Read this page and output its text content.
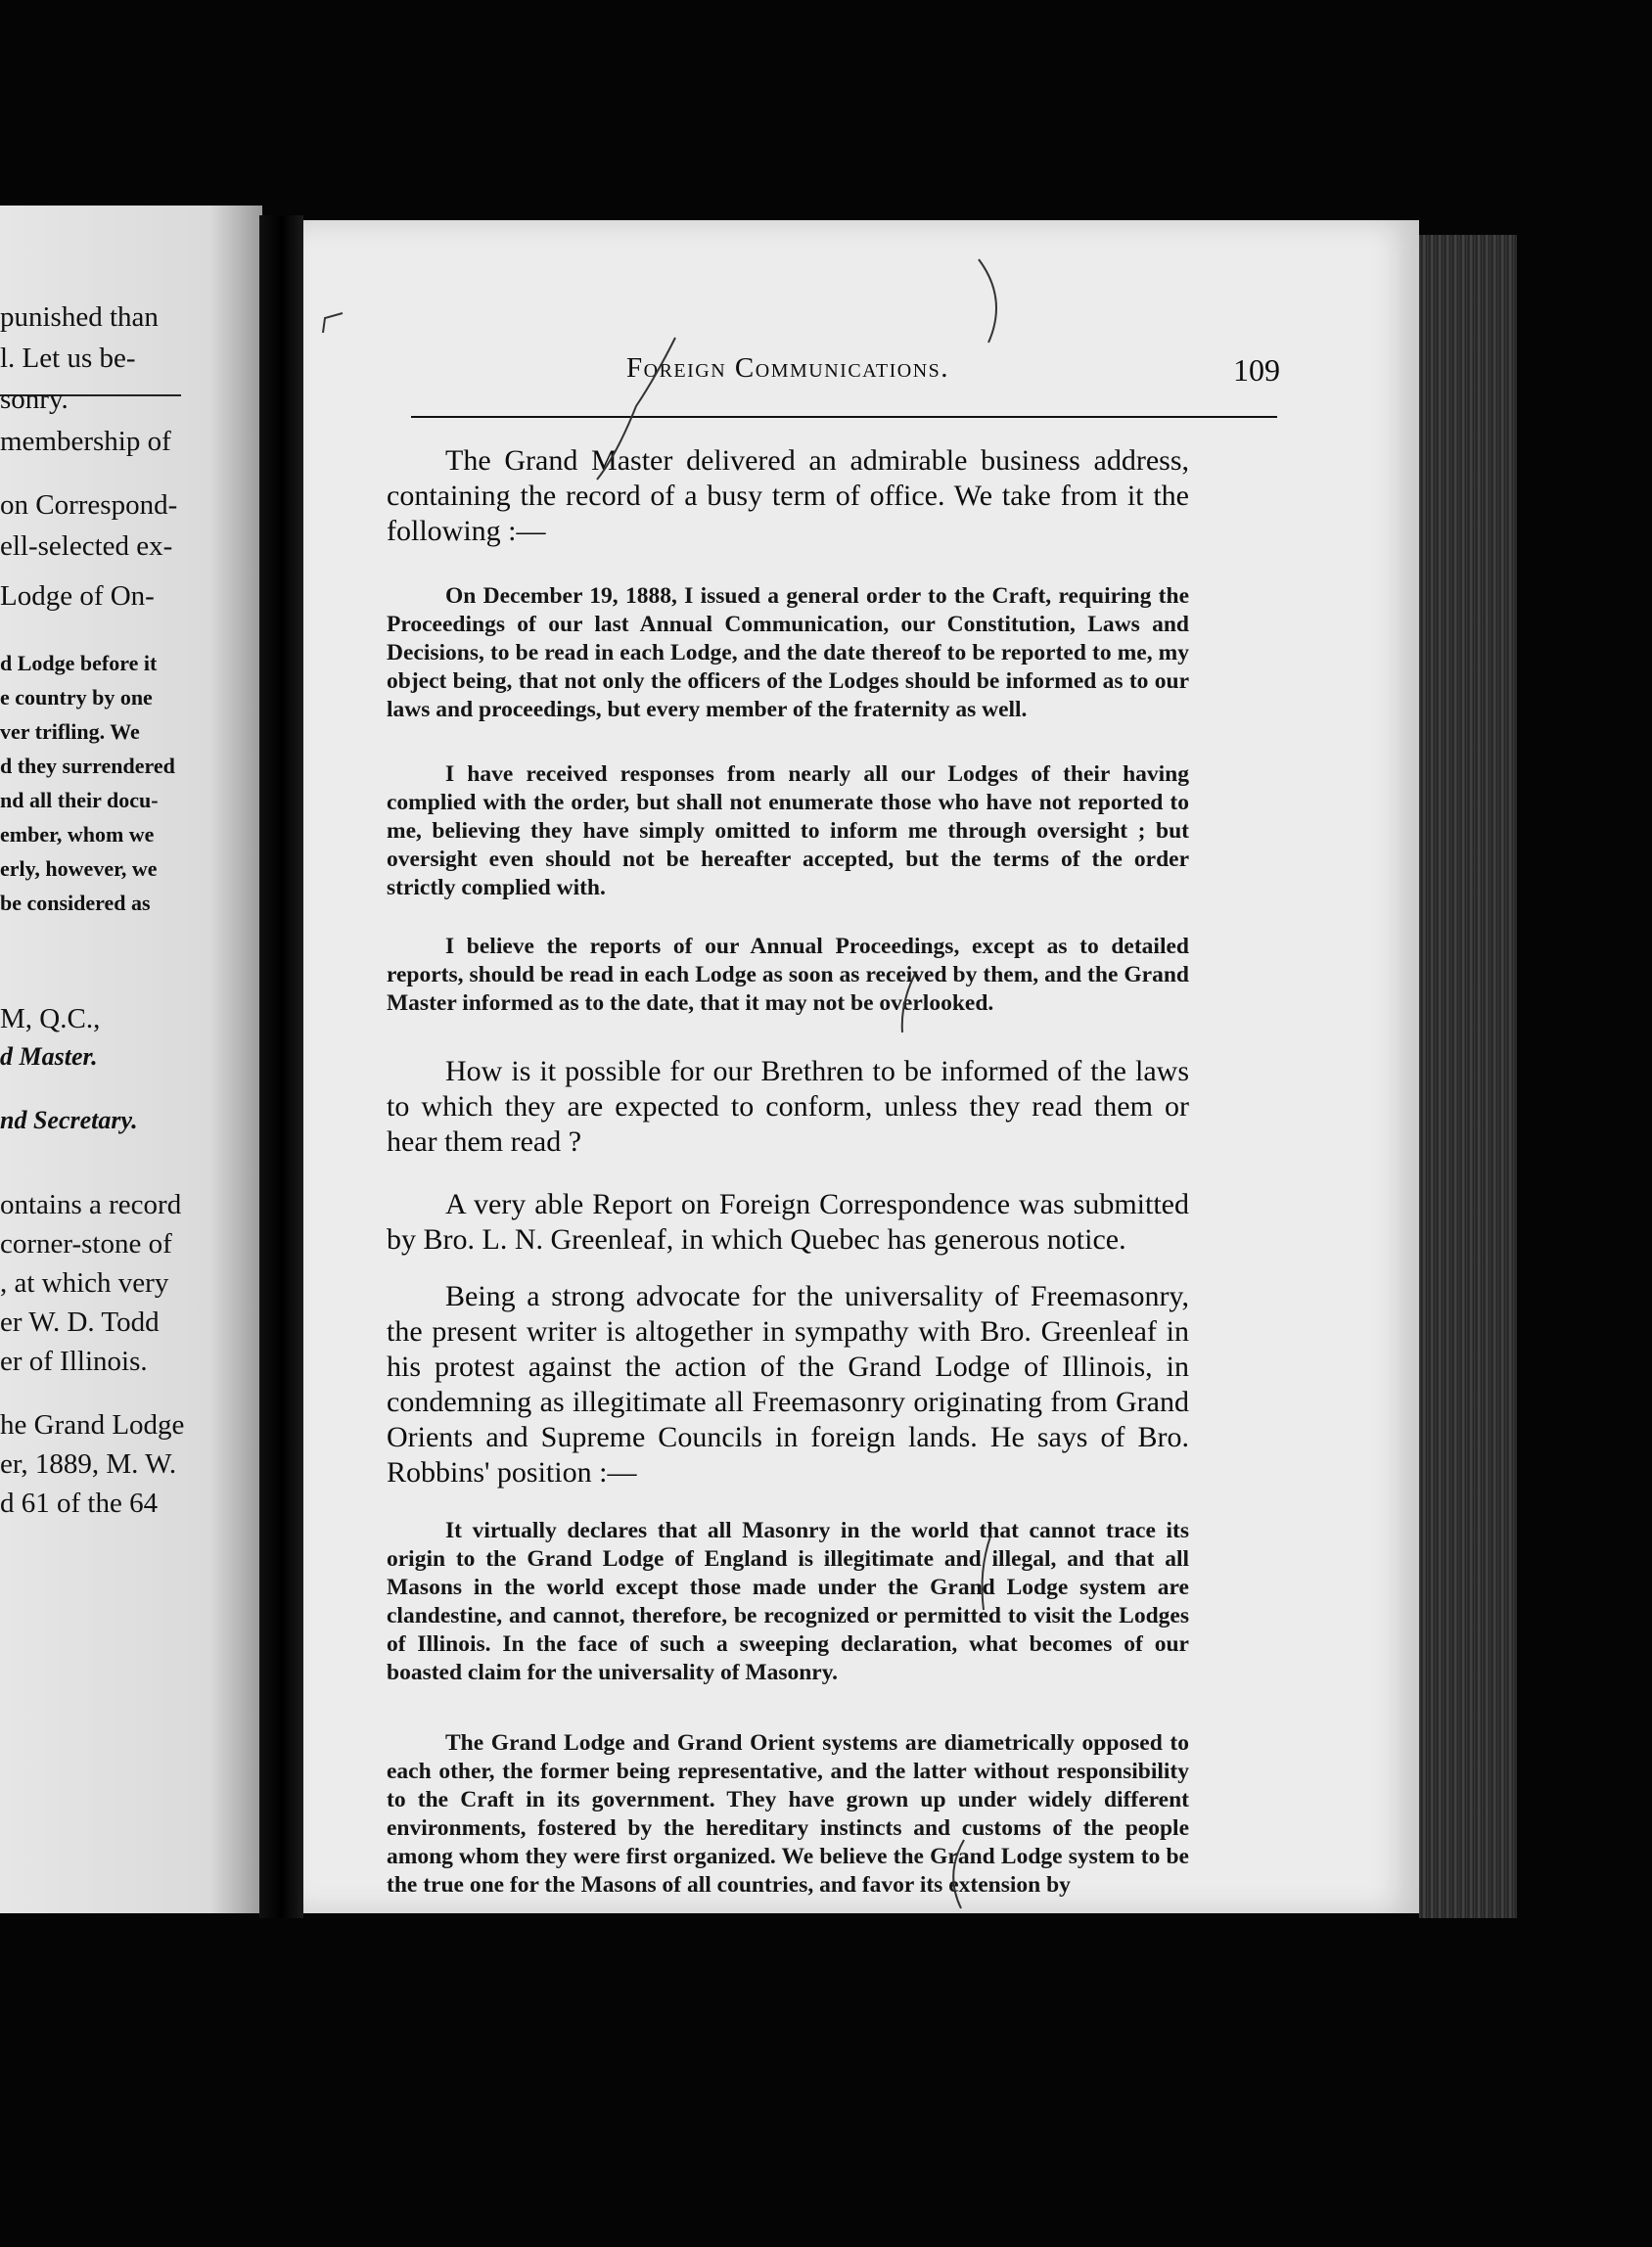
punished than
l. Let us be-
sonry.
membership of
on Correspond-
ell-selected ex-
Lodge of On-
d Lodge before it
e country by one
ver trifling. We
d they surrendered
nd all their docu-
ember, whom we
erly, however, we
be considered as
M, Q.C.,
d Master.
nd Secretary.
ontains a record
corner-stone of
, at which very
er W. D. Todd
er of Illinois.
he Grand Lodge
er, 1889, M. W.
d 61 of the 64
Foreign Communications.	109

The Grand Master delivered an admirable business address, containing the record of a busy term of office. We take from it the following :—

On December 19, 1888, I issued a general order to the Craft, requiring the Proceedings of our last Annual Communication, our Constitution, Laws and Decisions, to be read in each Lodge, and the date thereof to be reported to me, my object being, that not only the officers of the Lodges should be informed as to our laws and proceedings, but every member of the fraternity as well.

I have received responses from nearly all our Lodges of their having complied with the order, but shall not enumerate those who have not reported to me, believing they have simply omitted to inform me through oversight ; but oversight even should not be hereafter accepted, but the terms of the order strictly complied with.

I believe the reports of our Annual Proceedings, except as to detailed reports, should be read in each Lodge as soon as received by them, and the Grand Master informed as to the date, that it may not be overlooked.

How is it possible for our Brethren to be informed of the laws to which they are expected to conform, unless they read them or hear them read ?

A very able Report on Foreign Correspondence was submitted by Bro. L. N. Greenleaf, in which Quebec has generous notice.

Being a strong advocate for the universality of Freemasonry, the present writer is altogether in sympathy with Bro. Greenleaf in his protest against the action of the Grand Lodge of Illinois, in condemning as illegitimate all Freemasonry originating from Grand Orients and Supreme Councils in foreign lands. He says of Bro. Robbins' position :—

It virtually declares that all Masonry in the world that cannot trace its origin to the Grand Lodge of England is illegitimate and illegal, and that all Masons in the world except those made under the Grand Lodge system are clandestine, and cannot, therefore, be recognized or permitted to visit the Lodges of Illinois. In the face of such a sweeping declaration, what becomes of our boasted claim for the universality of Masonry.

The Grand Lodge and Grand Orient systems are diametrically opposed to each other, the former being representative, and the latter without responsibility to the Craft in its government. They have grown up under widely different environments, fostered by the hereditary instincts and customs of the people among whom they were first organized. We believe the Grand Lodge system to be the true one for the Masons of all countries, and favor its extension by
